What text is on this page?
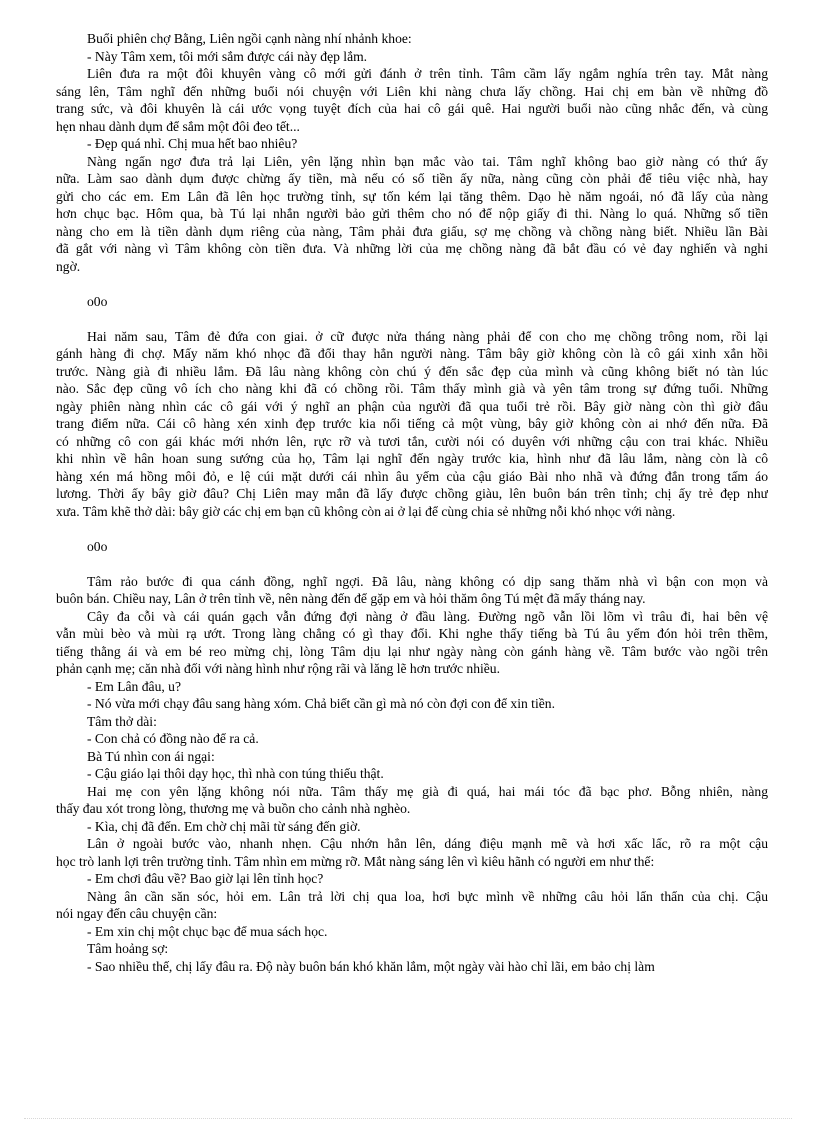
Buổi phiên chợ Bằng, Liên ngồi cạnh nàng nhí nhảnh khoe:

- Này Tâm xem, tôi mới sắm được cái này đẹp lắm.

Liên đưa ra một đôi khuyên vàng cô mới gửi đánh ở trên tỉnh. Tâm cầm lấy ngắm nghía trên tay. Mắt nàng

sáng lên, Tâm nghĩ đến những buổi nói chuyện với Liên khi nàng chưa lấy chồng. Hai chị em bàn về những đồ

trang sức, và đôi khuyên là cái ước vọng tuyệt đích của hai cô gái quê. Hai người buổi nào cũng nhắc đến, và cùng

hẹn nhau dành dụm để sắm một đôi đeo tết...

- Đẹp quá nhỉ. Chị mua hết bao nhiêu?

Nàng ngẩn ngơ đưa trả lại Liên, yên lặng nhìn bạn mắc vào tai. Tâm nghĩ không bao giờ nàng có thứ ấy

nữa. Làm sao dành dụm được chừng ấy tiền, mà nếu có số tiền ấy nữa, nàng cũng còn phải để tiêu việc nhà, hay

gửi cho các em. Em Lân đã lên học trường tỉnh, sự tốn kém lại tăng thêm. Dạo hè năm ngoái, nó đã lấy của nàng

hơn chục bạc. Hôm qua, bà Tú lại nhắn người bảo gửi thêm cho nó để nộp giấy đi thi. Nàng lo quá. Những số tiền

nàng cho em là tiền dành dụm riêng của nàng, Tâm phải đưa giấu, sợ mẹ chồng và chồng nàng biết. Nhiều lần Bài

đã gắt với nàng vì Tâm không còn tiền đưa. Và những lời của mẹ chồng nàng đã bắt đầu có vẻ đay nghiến và nghi

ngờ.

o0o

Hai năm sau, Tâm đẻ đứa con giai. ở cữ được nửa tháng nàng phải để con cho mẹ chồng trông nom, rồi lại

gánh hàng đi chợ. Mấy năm khó nhọc đã đổi thay hẳn người nàng. Tâm bây giờ không còn là cô gái xinh xắn hồi

trước. Nàng già đi nhiều lắm. Đã lâu nàng không còn chú ý đến sắc đẹp của mình và cũng không biết nó tàn lúc

nào. Sắc đẹp cũng vô ích cho nàng khi đã có chồng rồi. Tâm thấy mình già và yên tâm trong sự đứng tuổi. Những

ngày phiên nàng nhìn các cô gái với ý nghĩ an phận của người đã qua tuổi trẻ rồi. Bây giờ nàng còn thì giờ đâu

trang điểm nữa. Cái cô hàng xén xinh đẹp trước kia nổi tiếng cả một vùng, bây giờ không còn ai nhớ đến nữa. Đã

có những cô con gái khác mới nhớn lên, rực rỡ và tươi tắn, cười nói có duyên với những cậu con trai khác. Nhiều

khi nhìn về hân hoan sung sướng của họ, Tâm lại nghĩ đến ngày trước kia, hình như đã lâu lắm, nàng còn là cô

hàng xén má hồng môi đỏ, e lệ cúi mặt dưới cái nhìn âu yếm của cậu giáo Bài nho nhã và đứng đắn trong tấm áo

lương. Thời ấy bây giờ đâu? Chị Liên may mắn đã lấy được chồng giàu, lên buôn bán trên tỉnh; chị ấy trẻ đẹp như

xưa. Tâm khẽ thở dài: bây giờ các chị em bạn cũ không còn ai ở lại để cùng chia sẻ những nỗi khó nhọc với nàng.

o0o

Tâm rảo bước đi qua cánh đồng, nghĩ ngợi. Đã lâu, nàng không có dịp sang thăm nhà vì bận con mọn và

buôn bán. Chiều nay, Lân ở trên tỉnh về, nên nàng đến để gặp em và hỏi thăm ông Tú mệt đã mấy tháng nay.

Cây đa cỗi và cái quán gạch vẫn đứng đợi nàng ở đầu làng. Đường ngõ vẫn lồi lõm vì trâu đi, hai bên vệ

vẫn mùi bèo và mùi rạ ướt. Trong làng chẳng có gì thay đổi. Khi nghe thấy tiếng bà Tú âu yếm đón hỏi trên thềm,

tiếng thằng ái và em bé reo mừng chị, lòng Tâm dịu lại như ngày nàng còn gánh hàng về. Tâm bước vào ngồi trên

phản cạnh mẹ; căn nhà đối với nàng hình như rộng rãi và lăng lẽ hơn trước nhiều.

- Em Lân đâu, u?

- Nó vừa mới chạy đâu sang hàng xóm. Chả biết cần gì mà nó còn đợi con để xin tiền.

Tâm thở dài:

- Con chả có đồng nào để ra cả.

Bà Tú nhìn con ái ngại:

- Cậu giáo lại thôi dạy học, thì nhà con túng thiếu thật.

Hai mẹ con yên lặng không nói nữa. Tâm thấy mẹ già đi quá, hai mái tóc đã bạc phơ. Bỗng nhiên, nàng

thấy đau xót trong lòng, thương mẹ và buồn cho cảnh nhà nghèo.

- Kìa, chị đã đến. Em chờ chị mãi từ sáng đến giờ.

Lân ở ngoài bước vào, nhanh nhẹn. Cậu nhớn hẳn lên, dáng điệu mạnh mẽ và hơi xấc lấc, rõ ra một cậu

học trò lanh lợi trên trường tỉnh. Tâm nhìn em mừng rỡ. Mắt nàng sáng lên vì kiêu hãnh có người em như thế:

- Em chơi đâu về? Bao giờ lại lên tỉnh học?

Nàng ân cần săn sóc, hỏi em. Lân trả lời chị qua loa, hơi bực mình về những câu hỏi lẩn thẩn của chị. Cậu

nói ngay đến câu chuyện cần:

- Em xin chị một chục bạc để mua sách học.

Tâm hoảng sợ:

- Sao nhiều thế, chị lấy đâu ra. Độ này buôn bán khó khăn lắm, một ngày vài hào chỉ lãi, em bảo chị làm
